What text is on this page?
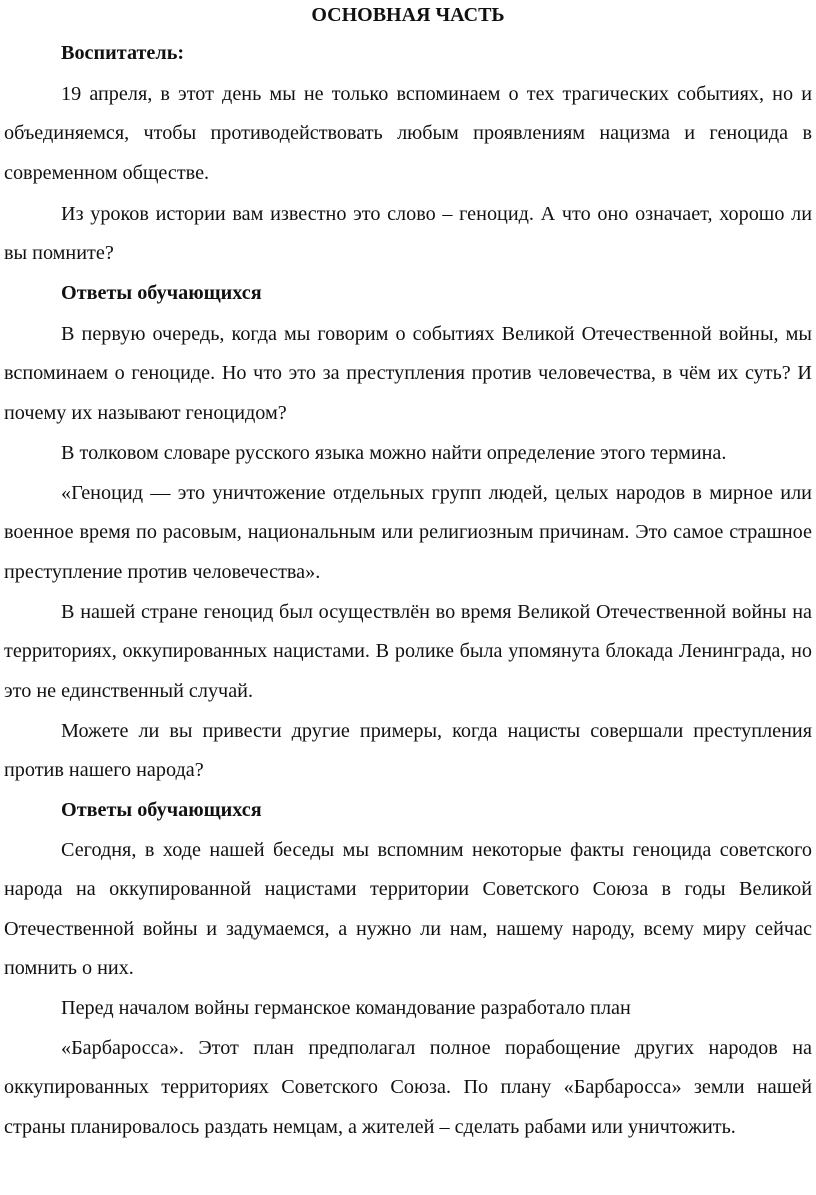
ОСНОВНАЯ ЧАСТЬ

Воспитатель:

19 апреля, в этот день мы не только вспоминаем о тех трагических событиях, но и объединяемся, чтобы противодействовать любым проявлениям нацизма и геноцида в современном обществе.

Из уроков истории вам известно это слово – геноцид. А что оно означает, хорошо ли вы помните?

Ответы обучающихся

В первую очередь, когда мы говорим о событиях Великой Отечественной войны, мы вспоминаем о геноциде. Но что это за преступления против человечества, в чём их суть? И почему их называют геноцидом?

В толковом словаре русского языка можно найти определение этого термина.

«Геноцид — это уничтожение отдельных групп людей, целых народов в мирное или военное время по расовым, национальным или религиозным причинам. Это самое страшное преступление против человечества».

В нашей стране геноцид был осуществлён во время Великой Отечественной войны на территориях, оккупированных нацистами. В ролике была упомянута блокада Ленинграда, но это не единственный случай.

Можете ли вы привести другие примеры, когда нацисты совершали преступления против нашего народа?

Ответы обучающихся

Сегодня, в ходе нашей беседы мы вспомним некоторые факты геноцида советского народа на оккупированной нацистами территории Советского Союза в годы Великой Отечественной войны и задумаемся, а нужно ли нам, нашему народу, всему миру сейчас помнить о них.

Перед началом войны германское командование разработало план

«Барбаросса». Этот план предполагал полное порабощение других народов на оккупированных территориях Советского Союза. По плану «Барбаросса» земли нашей страны планировалось раздать немцам, а жителей – сделать рабами или уничтожить.
